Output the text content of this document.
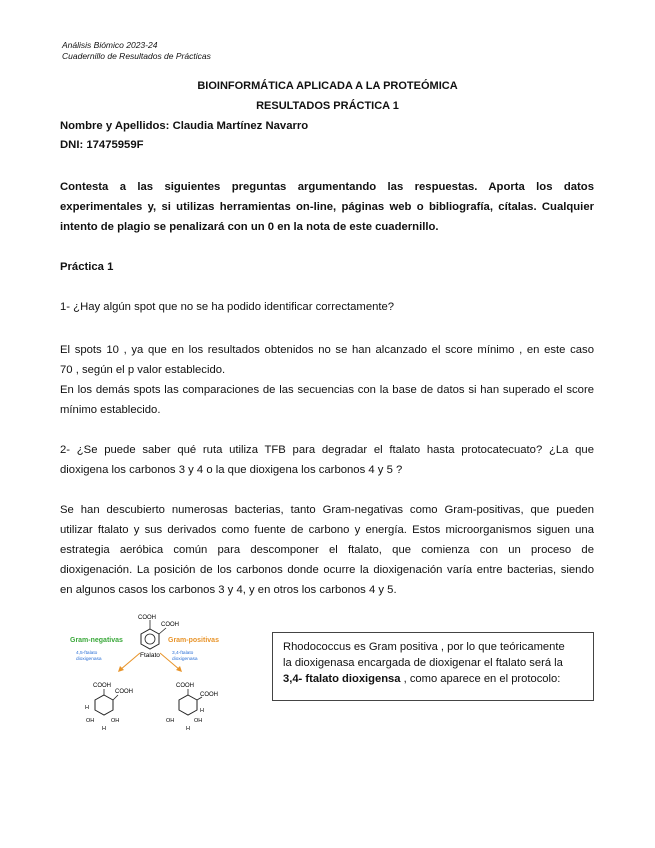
Análisis Biómico 2023-24
Cuadernillo de Resultados de Prácticas
BIOINFORMÁTICA APLICADA A LA PROTEÓMICA
RESULTADOS PRÁCTICA 1
Nombre y Apellidos: Claudia Martínez Navarro
DNI: 17475959F
Contesta a las siguientes preguntas argumentando las respuestas. Aporta los datos
experimentales y, si utilizas herramientas on-line, páginas web o bibliografía, cítalas. Cualquier
intento de plagio se penalizará con un 0 en la nota de este cuadernillo.
Práctica 1
1- ¿Hay algún spot que no se ha podido identificar correctamente?
El spots 10 , ya que en los resultados obtenidos no se han alcanzado el score mínimo , en este caso
70 , según el p valor establecido.
En los demás spots las comparaciones de las secuencias con la base de datos si han superado el score
mínimo establecido.
2- ¿Se puede saber qué ruta utiliza TFB para degradar el ftalato hasta protocatecuato? ¿La que
dioxigena los carbonos 3 y 4 o la que dioxigena los carbonos 4 y 5 ?
Se han descubierto numerosas bacterias, tanto Gram-negativas como Gram-positivas, que pueden
utilizar ftalato y sus derivados como fuente de carbono y energía. Estos microorganismos siguen una
estrategia aeróbica común para descomponer el ftalato, que comienza con un proceso de
dioxigenación. La posición de los carbonos donde ocurre la dioxigenación varía entre bacterias, siendo
en algunos casos los carbonos 3 y 4, y en otros los carbonos 4 y 5.
COOH
COOH
Ftalato
Gram-negativas	Gram-positivas
4,5-ftalato
dioxigenasa
3,4-ftalato
dioxigenasa
COOH
COOH
OH	OH
H
H
COOH
COOH
OH	OH
H
H
Rhodococcus es Gram positiva , por lo que teóricamente
la dioxigenasa encargada de dioxigenar el ftalato será la
3,4- ftalato dioxigensa , como aparece en el protocolo:
